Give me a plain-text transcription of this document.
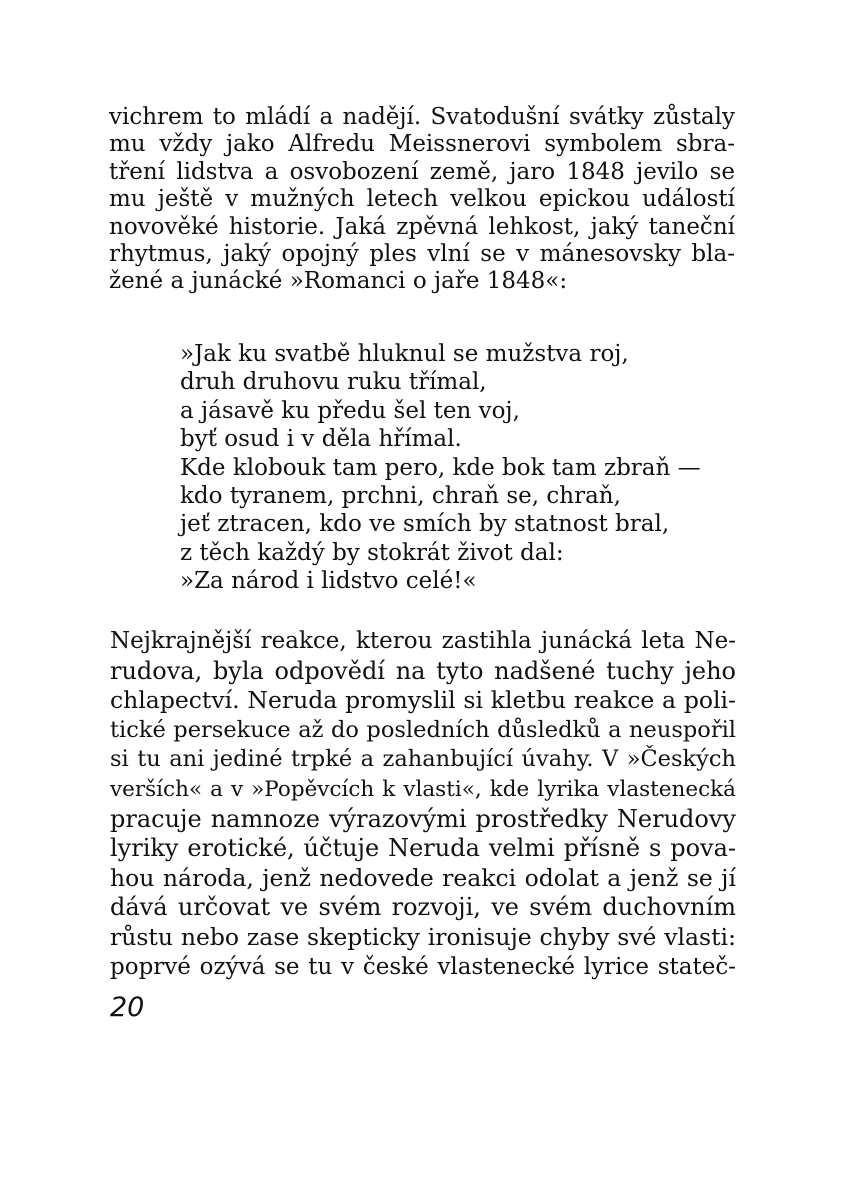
vichrem to mládí a nadějí. Svatodušní svátky zůstaly
mu vždy jako Alfredu Meissnerovi symbolem sbra-
tření lidstva a osvobození země, jaro 1848 jevilo se
mu ještě v mužných letech velkou epickou událostí
novověké historie. Jaká zpěvná lehkost, jaký taneční
rhytmus, jaký opojný ples vlní se v mánesovsky bla-
žené a junácké »Romanci o jaře 1848«:
»Jak ku svatbě hluknul se mužstva roj,
druh druhovu ruku třímal,
a jásavě ku předu šel ten voj,
byť osud i v děla hřímal.
Kde klobouk tam pero, kde bok tam zbraň —
kdo tyranem, prchni, chraň se, chraň,
jeť ztracen, kdo ve smích by statnost bral,
z těch každý by stokrát život dal:
»Za národ i lidstvo celé!«
Nejkrajnější reakce, kterou zastihla junácká leta Ne-
rudova, byla odpovědí na tyto nadšené tuchy jeho
chlapectví. Neruda promyslil si kletbu reakce a poli-
tické persekuce až do posledních důsledků a neuspořil
si tu ani jediné trpké a zahanbující úvahy. V »Českých
verších« a v »Popěvcích k vlasti«, kde lyrika vlastenecká
pracuje namnoze výrazovými prostředky Nerudovy
lyriky erotické, účtuje Neruda velmi přísně s pova-
hou národa, jenž nedovede reakci odolat a jenž se jí
dává určovat ve svém rozvoji, ve svém duchovním
růstu nebo zase skepticky ironisuje chyby své vlasti:
poprvé ozývá se tu v české vlastenecké lyrice stateč-
20
